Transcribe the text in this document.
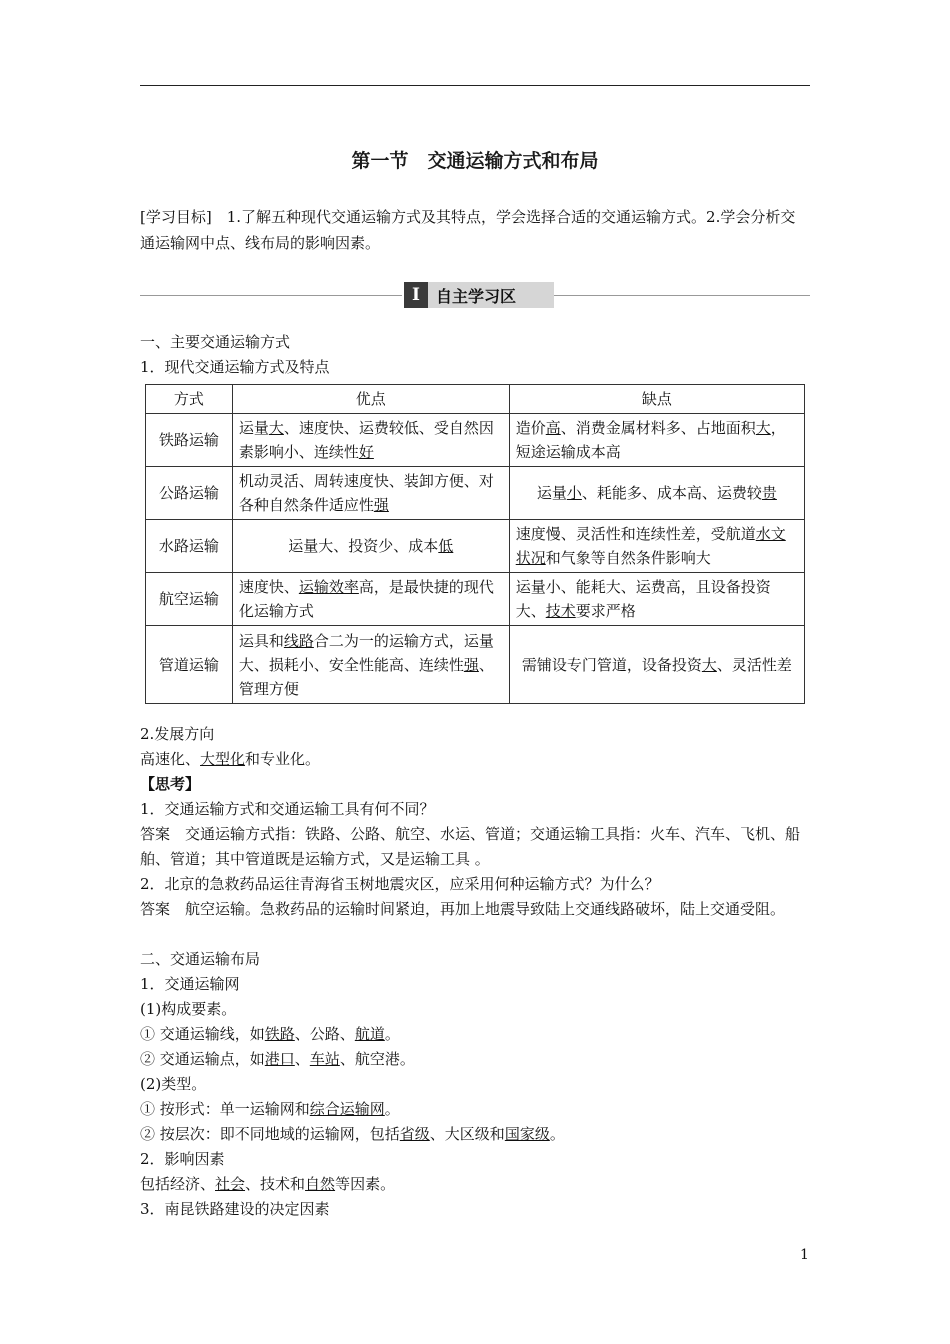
第一节　交通运输方式和布局
[学习目标]　1.了解五种现代交通运输方式及其特点，学会选择合适的交通运输方式。2.学会分析交通运输网中点、线布局的影响因素。
I	自主学习区
一、主要交通运输方式
1．现代交通运输方式及特点
方式	优点	缺点
铁路运输	运量大、速度快、运费较低、受自然因素影响小、连续性好	造价高、消费金属材料多、占地面积大，短途运输成本高
公路运输	机动灵活、周转速度快、装卸方便、对各种自然条件适应性强	运量小、耗能多、成本高、运费较贵
水路运输	运量大、投资少、成本低	速度慢、灵活性和连续性差，受航道水文状况和气象等自然条件影响大
航空运输	速度快、运输效率高，是最快捷的现代化运输方式	运量小、能耗大、运费高，且设备投资大、技术要求严格
管道运输	运具和线路合二为一的运输方式，运量大、损耗小、安全性能高、连续性强、管理方便	需铺设专门管道，设备投资大、灵活性差
2.发展方向
高速化、大型化和专业化。
【思考】
1．交通运输方式和交通运输工具有何不同？
答案　交通运输方式指：铁路、公路、航空、水运、管道；交通运输工具指：火车、汽车、飞机、船舶、管道；其中管道既是运输方式，又是运输工具 。
2．北京的急救药品运往青海省玉树地震灾区，应采用何种运输方式？为什么？
答案　航空运输。急救药品的运输时间紧迫，再加上地震导致陆上交通线路破坏，陆上交通受阻。
二、交通运输布局
1．交通运输网
(1)构成要素。
① 交通运输线，如铁路、公路、航道。
② 交通运输点，如港口、车站、航空港。
(2)类型。
① 按形式：单一运输网和综合运输网。
② 按层次：即不同地域的运输网，包括省级、大区级和国家级。
2．影响因素
包括经济、社会、技术和自然等因素。
3．南昆铁路建设的决定因素
1
